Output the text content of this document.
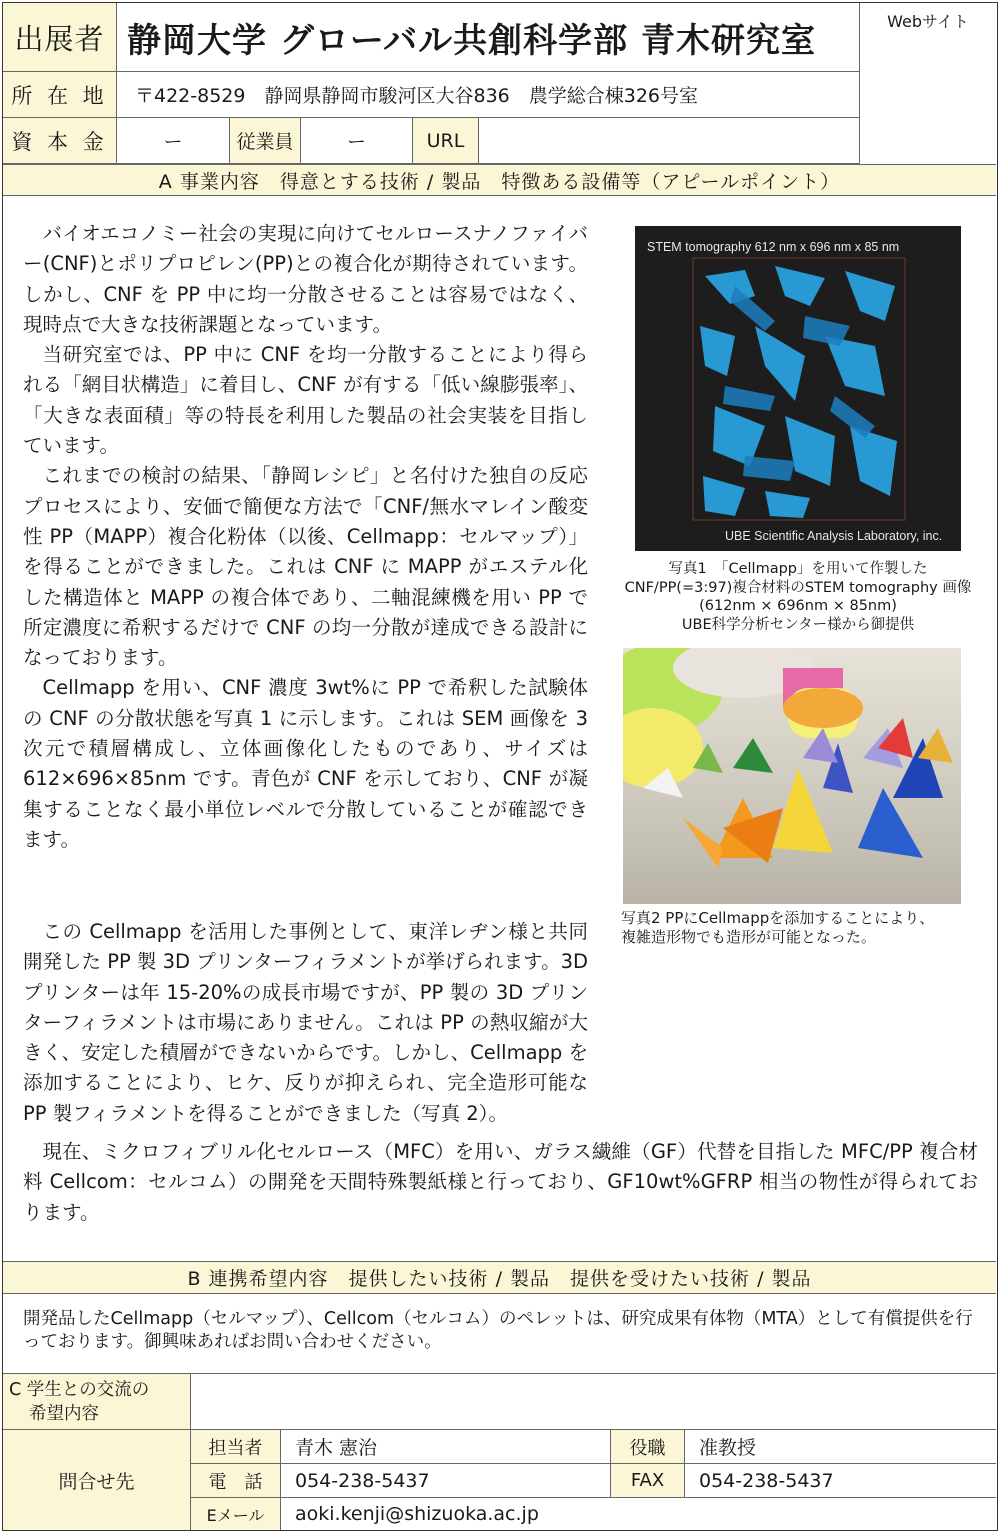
出展者 静岡大学 グローバル共創科学部 青木研究室	Webサイト
所 在 地	〒422-8529　静岡県静岡市駿河区大谷836　農学総合棟326号室
資 本 金	ー	従業員	ー	URL
A 事業内容　得意とする技術 / 製品　特徴ある設備等（アピールポイント）

バイオエコノミー社会の実現に向けてセルロースナノファイバー(CNF)とポリプロピレン(PP)との複合化が期待されています。しかし、CNF を PP 中に均一分散させることは容易ではなく、現時点で大きな技術課題となっています。

当研究室では、PP 中に CNF を均一分散することにより得られる「網目状構造」に着目し、CNF が有する「低い線膨張率」、「大きな表面積」等の特長を利用した製品の社会実装を目指しています。

これまでの検討の結果、「静岡レシピ」と名付けた独自の反応プロセスにより、安価で簡便な方法で「CNF/無水マレイン酸変性 PP（MAPP）複合化粉体（以後、Cellmapp：セルマップ）」を得ることができました。これは CNF に MAPP がエステル化した構造体と MAPP の複合体であり、二軸混練機を用い PP で所定濃度に希釈するだけで CNF の均一分散が達成できる設計になっております。

Cellmapp を用い、CNF 濃度 3wt%に PP で希釈した試験体の CNF の分散状態を写真 1 に示します。これは SEM 画像を 3 次元で積層構成し、立体画像化したものであり、サイズは 612×696×85nm です。青色が CNF を示しており、CNF が凝集することなく最小単位レベルで分散していることが確認できます。

この Cellmapp を活用した事例として、東洋レヂン様と共同開発した PP 製 3D プリンターフィラメントが挙げられます。3D プリンターは年 15-20%の成長市場ですが、PP 製の 3D プリンターフィラメントは市場にありません。これは PP の熱収縮が大きく、安定した積層ができないからです。しかし、Cellmapp を添加することにより、ヒケ、反りが抑えられ、完全造形可能な PP 製フィラメントを得ることができました（写真 2）。

現在、ミクロフィブリル化セルロース（MFC）を用い、ガラス繊維（GF）代替を目指した MFC/PP 複合材料 Cellcom：セルコム）の開発を天間特殊製紙様と行っており、GF10wt%GFRP 相当の物性が得られております。

STEM tomography 612 nm x 696 nm x 85 nm
UBE Scientific Analysis Laboratory, inc.
写真1　「Cellmapp」を用いて作製した
CNF/PP(=3:97)複合材料のSTEM tomography 画像
(612nm × 696nm × 85nm)
UBE科学分析センター様から御提供
写真2 PPにCellmappを添加することにより、
複雑造形物でも造形が可能となった。
B 連携希望内容　提供したい技術 / 製品　提供を受けたい技術 / 製品
開発品したCellmapp（セルマップ）、Cellcom（セルコム）のペレットは、研究成果有体物（MTA）として有償提供を行っております。御興味あればお問い合わせください。
C 学生との交流の
希望内容
問合せ先
担当者	青木 憲治	役職	准教授
電　話	054-238-5437	FAX	054-238-5437
Eメール	aoki.kenji@shizuoka.ac.jp
